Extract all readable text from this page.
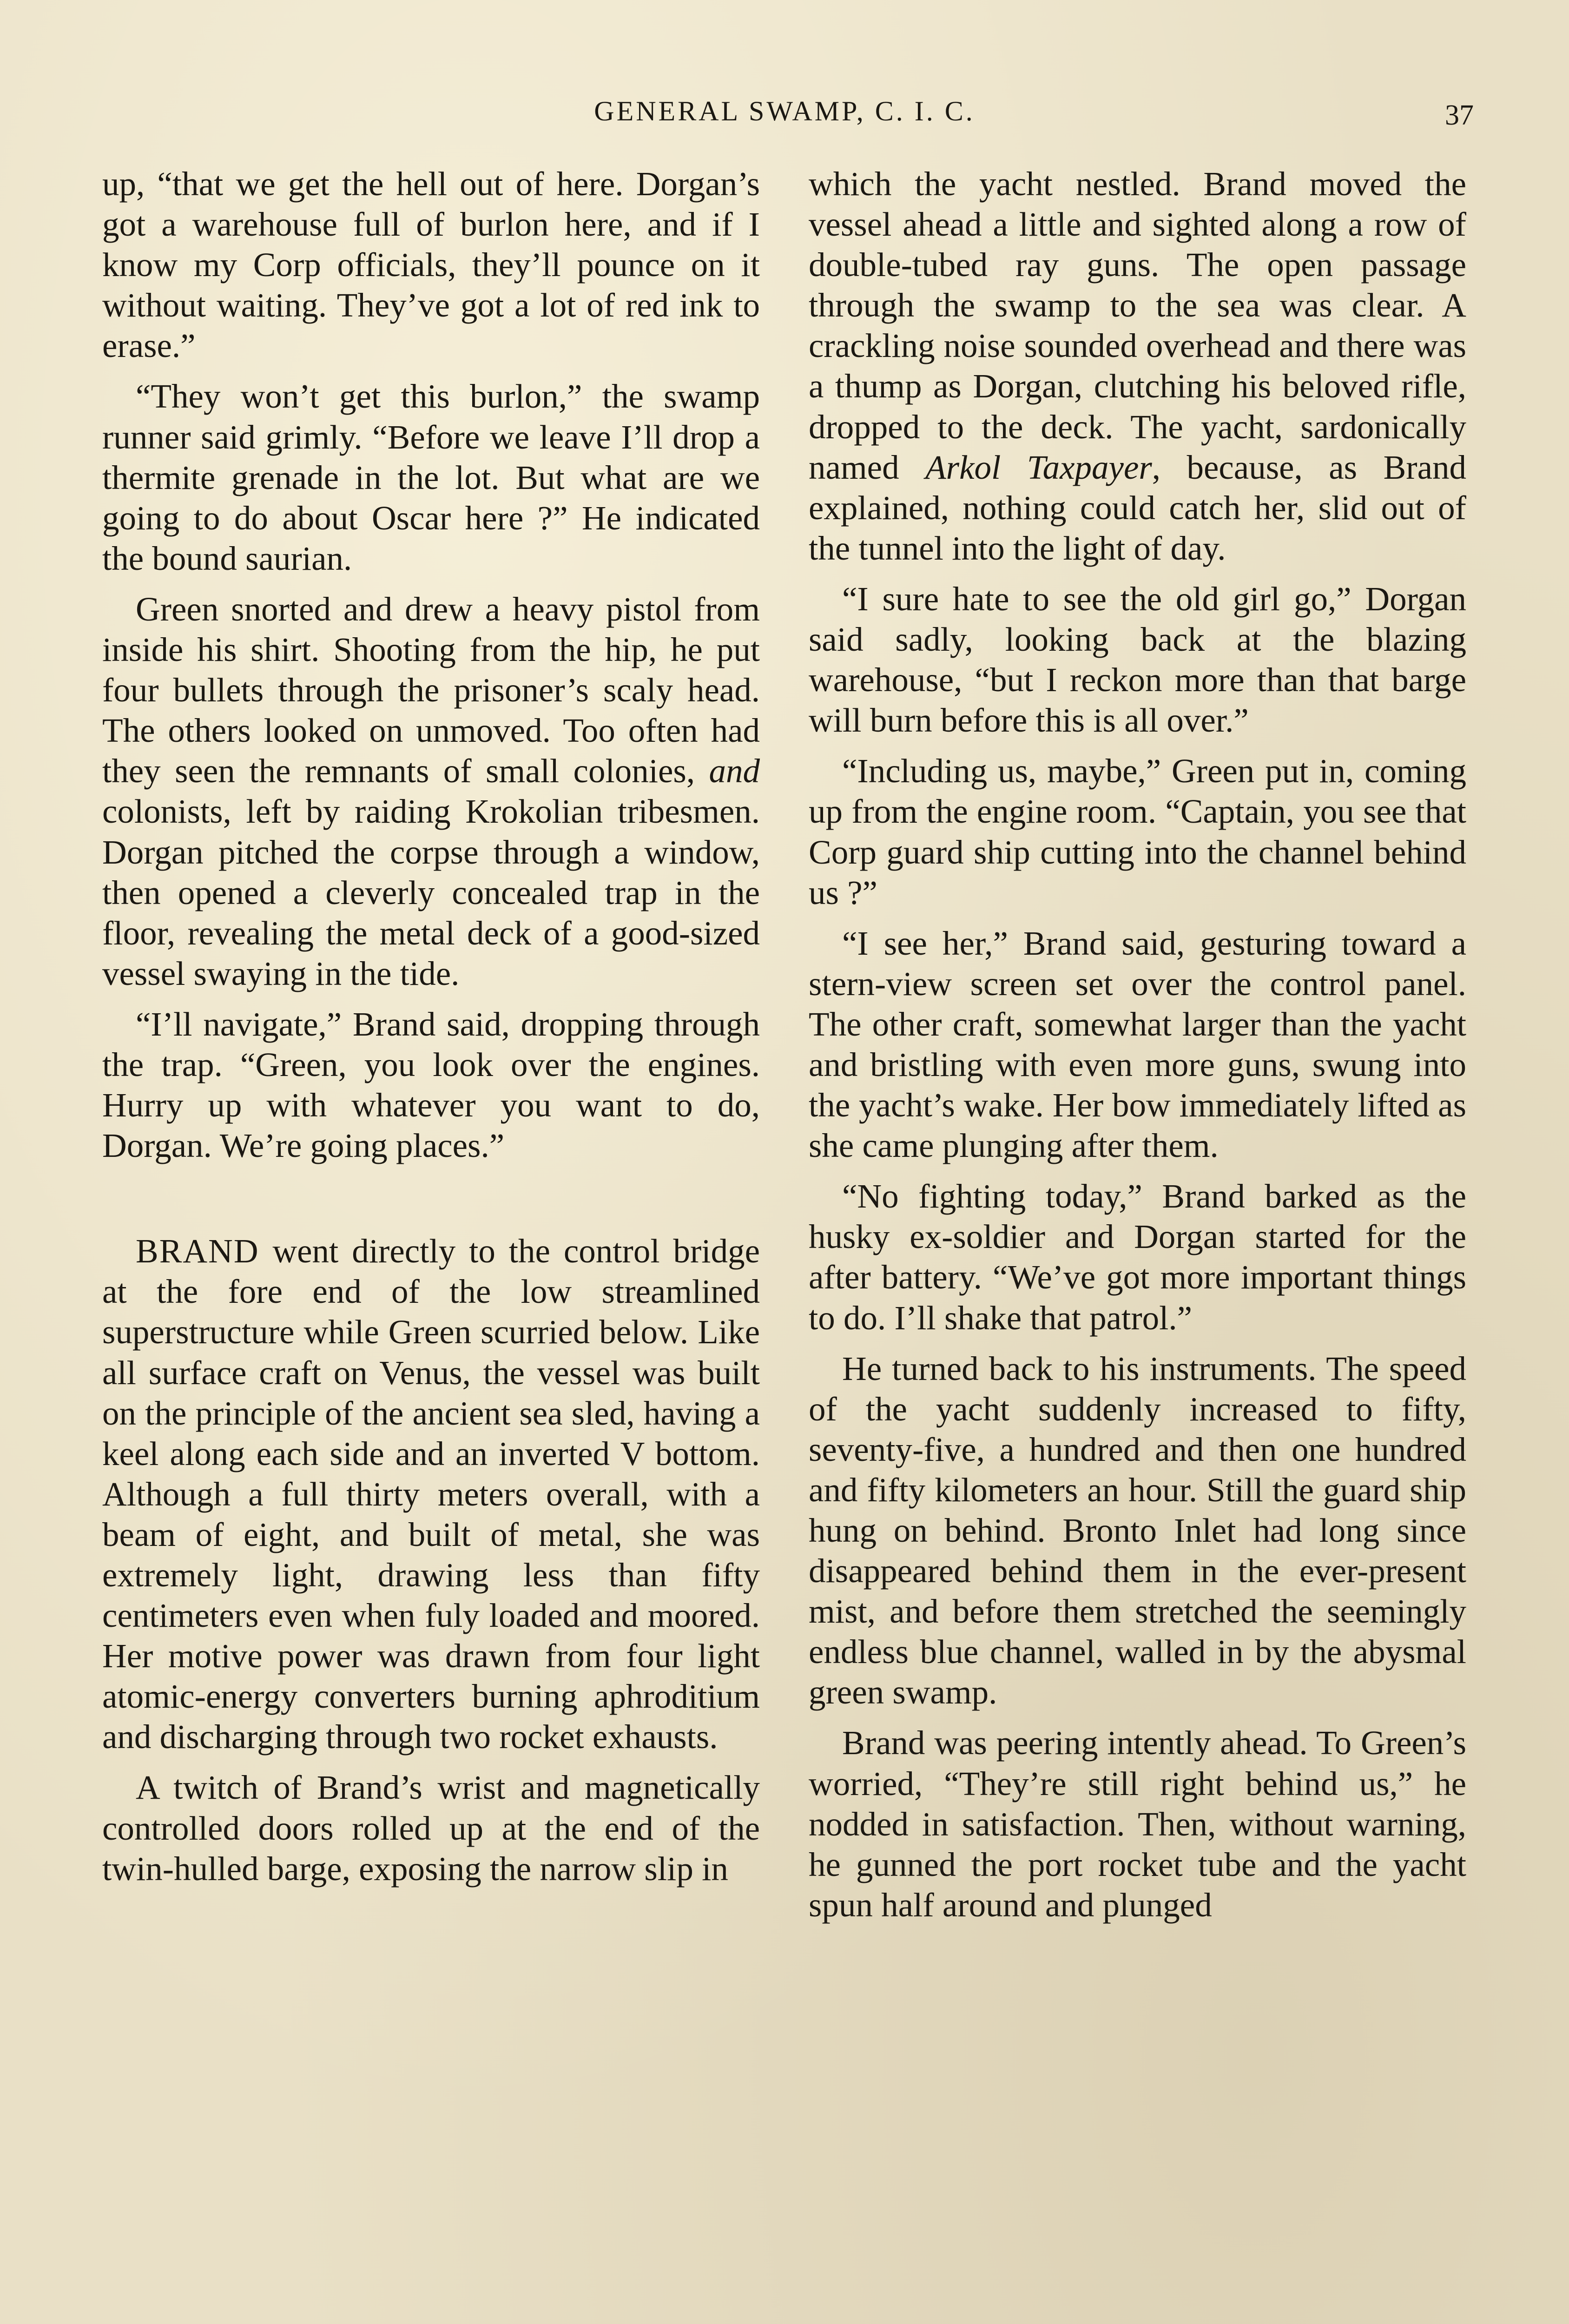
GENERAL SWAMP, C. I. C.	37

up, “that we get the hell out of here. Dorgan’s got a warehouse full of burlon here, and if I know my Corp officials, they’ll pounce on it without waiting. They’ve got a lot of red ink to erase.”

“They won’t get this burlon,” the swamp runner said grimly. “Before we leave I’ll drop a thermite grenade in the lot. But what are we going to do about Oscar here ?” He indicated the bound saurian.

Green snorted and drew a heavy pistol from inside his shirt. Shooting from the hip, he put four bullets through the prisoner’s scaly head. The others looked on unmoved. Too often had they seen the remnants of small colonies, and colonists, left by raiding Krokolian tribesmen. Dorgan pitched the corpse through a window, then opened a cleverly concealed trap in the floor, revealing the metal deck of a good-sized vessel swaying in the tide.

“I’ll navigate,” Brand said, dropping through the trap. “Green, you look over the engines. Hurry up with whatever you want to do, Dorgan. We’re going places.”

BRAND went directly to the control bridge at the fore end of the low streamlined superstructure while Green scurried below. Like all surface craft on Venus, the vessel was built on the principle of the ancient sea sled, having a keel along each side and an inverted V bottom. Although a full thirty meters overall, with a beam of eight, and built of metal, she was extremely light, drawing less than fifty centimeters even when fuly loaded and moored. Her motive power was drawn from four light atomic-energy converters burning aphroditium and discharging through two rocket exhausts.

A twitch of Brand’s wrist and magnetically controlled doors rolled up at the end of the twin-hulled barge, exposing the narrow slip in

which the yacht nestled. Brand moved the vessel ahead a little and sighted along a row of double-tubed ray guns. The open passage through the swamp to the sea was clear. A crackling noise sounded overhead and there was a thump as Dorgan, clutching his beloved rifle, dropped to the deck. The yacht, sardonically named Arkol Taxpayer, because, as Brand explained, nothing could catch her, slid out of the tunnel into the light of day.

“I sure hate to see the old girl go,” Dorgan said sadly, looking back at the blazing warehouse, “but I reckon more than that barge will burn before this is all over.”

“Including us, maybe,” Green put in, coming up from the engine room. “Captain, you see that Corp guard ship cutting into the channel behind us ?”

“I see her,” Brand said, gesturing toward a stern-view screen set over the control panel. The other craft, somewhat larger than the yacht and bristling with even more guns, swung into the yacht’s wake. Her bow immediately lifted as she came plunging after them.

“No fighting today,” Brand barked as the husky ex-soldier and Dorgan started for the after battery. “We’ve got more important things to do. I’ll shake that patrol.”

He turned back to his instruments. The speed of the yacht suddenly increased to fifty, seventy-five, a hundred and then one hundred and fifty kilometers an hour. Still the guard ship hung on behind. Bronto Inlet had long since disappeared behind them in the ever-present mist, and before them stretched the seemingly endless blue channel, walled in by the abysmal green swamp.

Brand was peering intently ahead. To Green’s worried, “They’re still right behind us,” he nodded in satisfaction. Then, without warning, he gunned the port rocket tube and the yacht spun half around and plunged
